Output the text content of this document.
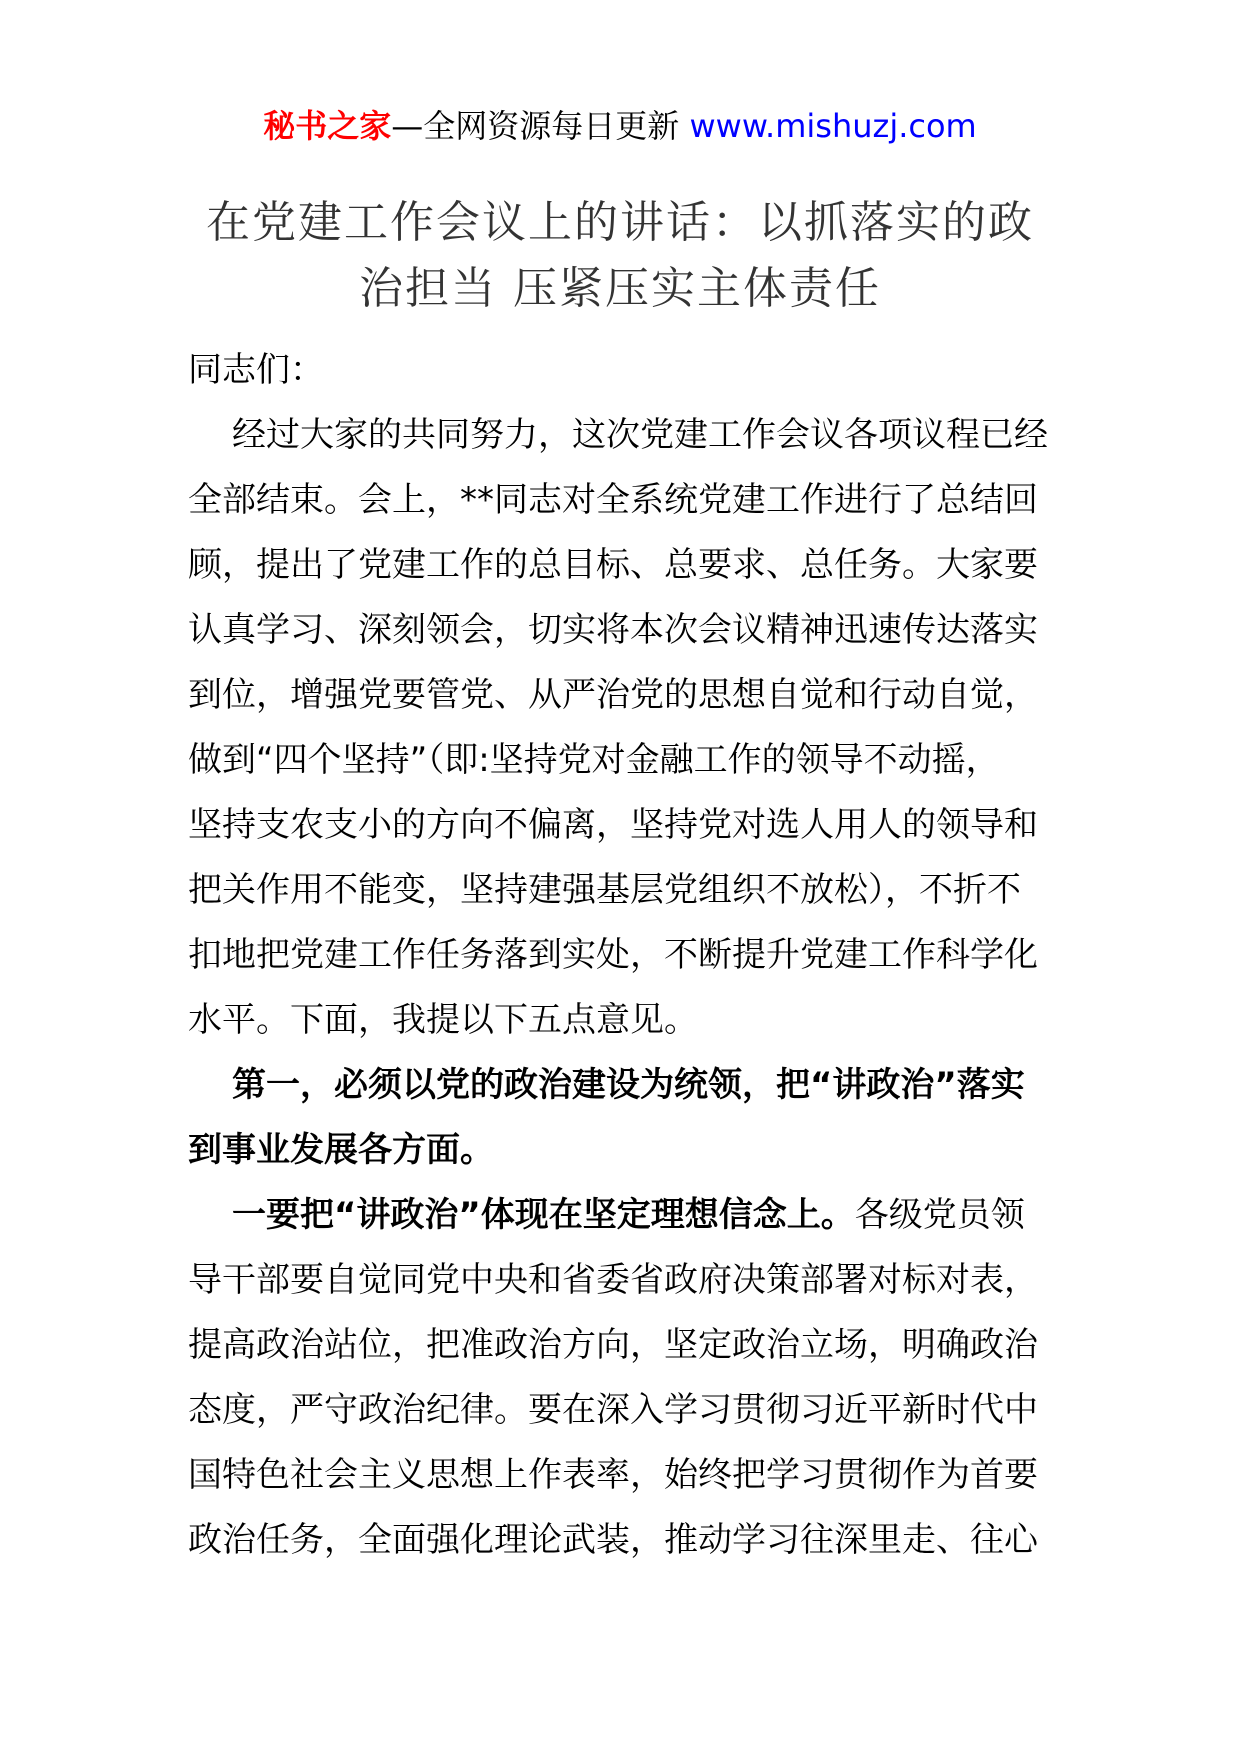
秘书之家—全网资源每日更新 www.mishuzj.com
在党建工作会议上的讲话：以抓落实的政
治担当 压紧压实主体责任
同志们：
经过大家的共同努力，这次党建工作会议各项议程已经
全部结束。会上，**同志对全系统党建工作进行了总结回
顾，提出了党建工作的总目标、总要求、总任务。大家要
认真学习、深刻领会，切实将本次会议精神迅速传达落实
到位，增强党要管党、从严治党的思想自觉和行动自觉，
做到“四个坚持”（即:坚持党对金融工作的领导不动摇，
坚持支农支小的方向不偏离，坚持党对选人用人的领导和
把关作用不能变，坚持建强基层党组织不放松），不折不
扣地把党建工作任务落到实处，不断提升党建工作科学化
水平。下面，我提以下五点意见。
第一，必须以党的政治建设为统领，把“讲政治”落实
到事业发展各方面。
一要把“讲政治”体现在坚定理想信念上。各级党员领
导干部要自觉同党中央和省委省政府决策部署对标对表，
提高政治站位，把准政治方向，坚定政治立场，明确政治
态度，严守政治纪律。要在深入学习贯彻习近平新时代中
国特色社会主义思想上作表率，始终把学习贯彻作为首要
政治任务，全面强化理论武装，推动学习往深里走、往心
